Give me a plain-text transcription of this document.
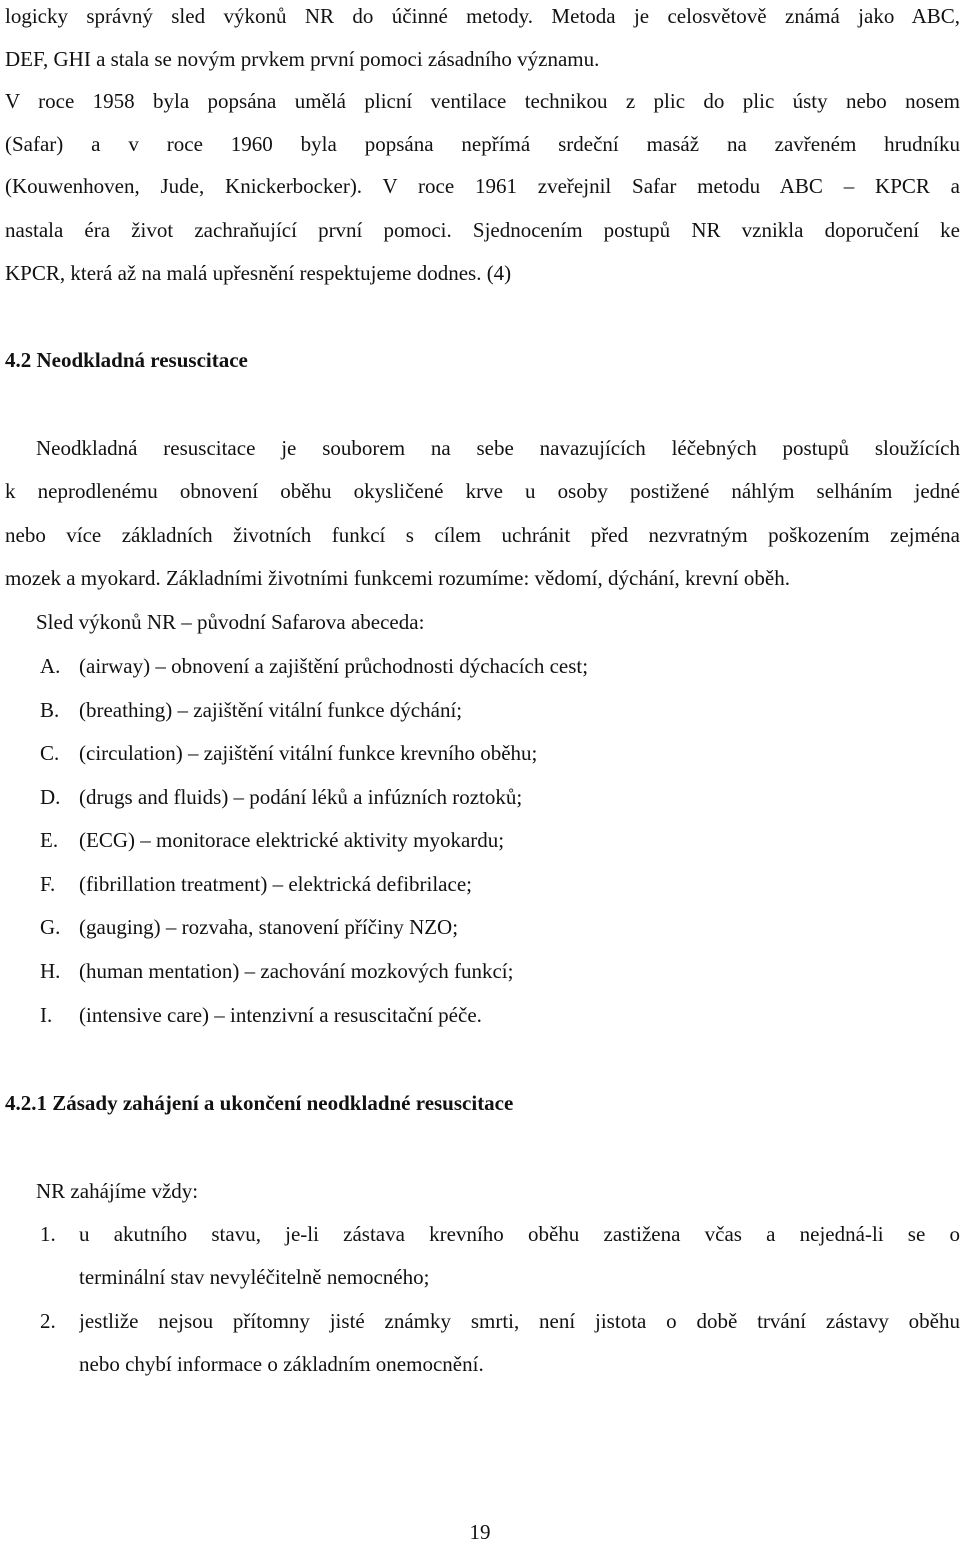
logicky správný sled výkonů NR do účinné metody. Metoda je celosvětově známá jako ABC,
DEF, GHI a stala se novým prvkem první pomoci zásadního významu.
V roce 1958 byla popsána umělá plicní ventilace technikou z plic do plic ústy nebo nosem
(Safar) a v roce 1960 byla popsána nepřímá srdeční masáž na zavřeném hrudníku
(Kouwenhoven, Jude, Knickerbocker). V roce 1961 zveřejnil Safar metodu ABC – KPCR a
nastala éra život zachraňující první pomoci. Sjednocením postupů NR vznikla doporučení ke
KPCR, která až na malá upřesnění respektujeme dodnes. (4)
4.2 Neodkladná resuscitace
Neodkladná resuscitace je souborem na sebe navazujících léčebných postupů sloužících
k neprodlenému obnovení oběhu okysličené krve u osoby postižené náhlým selháním jedné
nebo více základních životních funkcí s cílem uchránit před nezvratným poškozením zejména
mozek a myokard. Základními životními funkcemi rozumíme: vědomí, dýchání, krevní oběh.
Sled výkonů NR – původní Safarova abeceda:
A. (airway) – obnovení a zajištění průchodnosti dýchacích cest;
B. (breathing) – zajištění vitální funkce dýchání;
C. (circulation) – zajištění vitální funkce krevního oběhu;
D. (drugs and fluids) – podání léků a infúzních roztoků;
E. (ECG) – monitorace elektrické aktivity myokardu;
F. (fibrillation treatment) – elektrická defibrilace;
G. (gauging) – rozvaha, stanovení příčiny NZO;
H. (human mentation) – zachování mozkových funkcí;
I. (intensive care) – intenzivní a resuscitační péče.
4.2.1 Zásady zahájení a ukončení neodkladné resuscitace
NR zahájíme vždy:
1. u akutního stavu, je-li zástava krevního oběhu zastižena včas a nejedná-li se o
terminální stav nevyléčitelně nemocného;
2. jestliže nejsou přítomny jisté známky smrti, není jistota o době trvání zástavy oběhu
nebo chybí informace o základním onemocnění.
19
